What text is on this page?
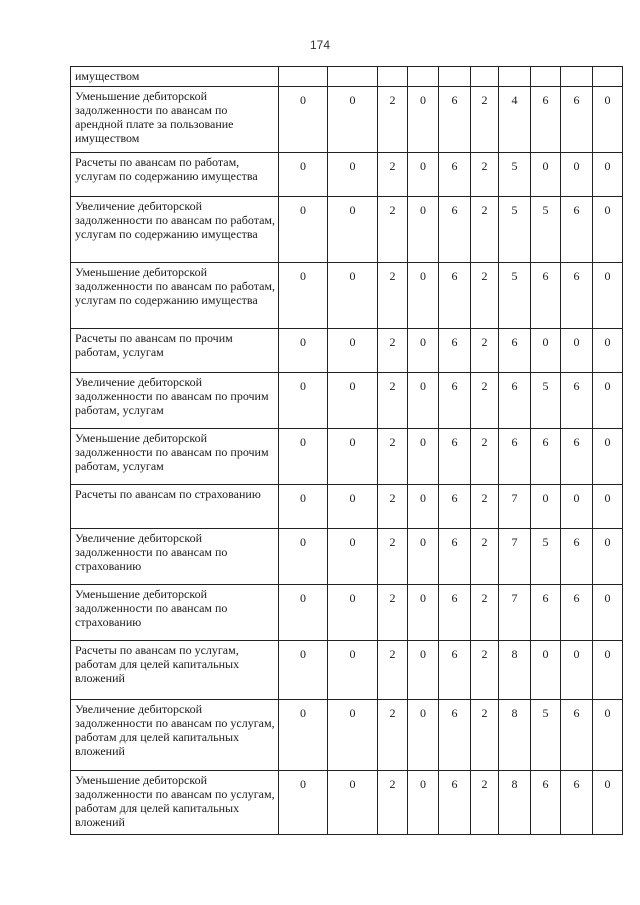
174
имуществом										
Уменьшение дебиторской задолженности по авансам по арендной плате за пользование имуществом	0	0	2	0	6	2	4	6	6	0
Расчеты по авансам по работам, услугам по содержанию имущества	0	0	2	0	6	2	5	0	0	0
Увеличение дебиторской задолженности по авансам по работам, услугам по содержанию имущества	0	0	2	0	6	2	5	5	6	0
Уменьшение дебиторской задолженности по авансам по работам, услугам по содержанию имущества	0	0	2	0	6	2	5	6	6	0
Расчеты по авансам по прочим работам, услугам	0	0	2	0	6	2	6	0	0	0
Увеличение дебиторской задолженности по авансам по прочим работам, услугам	0	0	2	0	6	2	6	5	6	0
Уменьшение дебиторской задолженности по авансам по прочим работам, услугам	0	0	2	0	6	2	6	6	6	0
Расчеты по авансам по страхованию	0	0	2	0	6	2	7	0	0	0
Увеличение дебиторской задолженности по авансам по страхованию	0	0	2	0	6	2	7	5	6	0
Уменьшение дебиторской задолженности по авансам по страхованию	0	0	2	0	6	2	7	6	6	0
Расчеты по авансам по услугам, работам для целей капитальных вложений	0	0	2	0	6	2	8	0	0	0
Увеличение дебиторской задолженности по авансам по услугам, работам для целей капитальных вложений	0	0	2	0	6	2	8	5	6	0
Уменьшение дебиторской задолженности по авансам по услугам, работам для целей капитальных вложений	0	0	2	0	6	2	8	6	6	0
